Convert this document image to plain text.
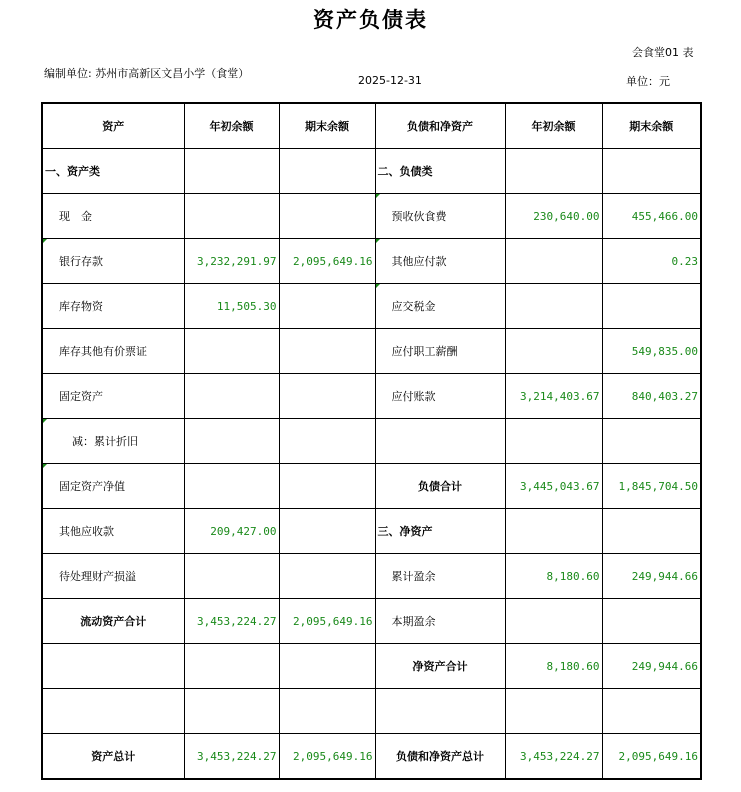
资产负债表
会食堂01 表
编制单位: 苏州市高新区文昌小学（食堂）
2025-12-31	单位：元
资产	年初余额	期末余额	负债和净资产	年初余额	期末余额
一、资产类			二、负债类		
现　金			预收伙食费	230,640.00	455,466.00
银行存款	3,232,291.97	2,095,649.16	其他应付款		0.23
库存物资	11,505.30		应交税金		
库存其他有价票证			应付职工薪酬		549,835.00
固定资产			应付账款	3,214,403.67	840,403.27
减：累计折旧					
固定资产净值			负债合计	3,445,043.67	1,845,704.50
其他应收款	209,427.00		三、净资产		
待处理财产损溢			累计盈余	8,180.60	249,944.66
流动资产合计	3,453,224.27	2,095,649.16	本期盈余		
			净资产合计	8,180.60	249,944.66

资产总计	3,453,224.27	2,095,649.16	负债和净资产总计	3,453,224.27	2,095,649.16
